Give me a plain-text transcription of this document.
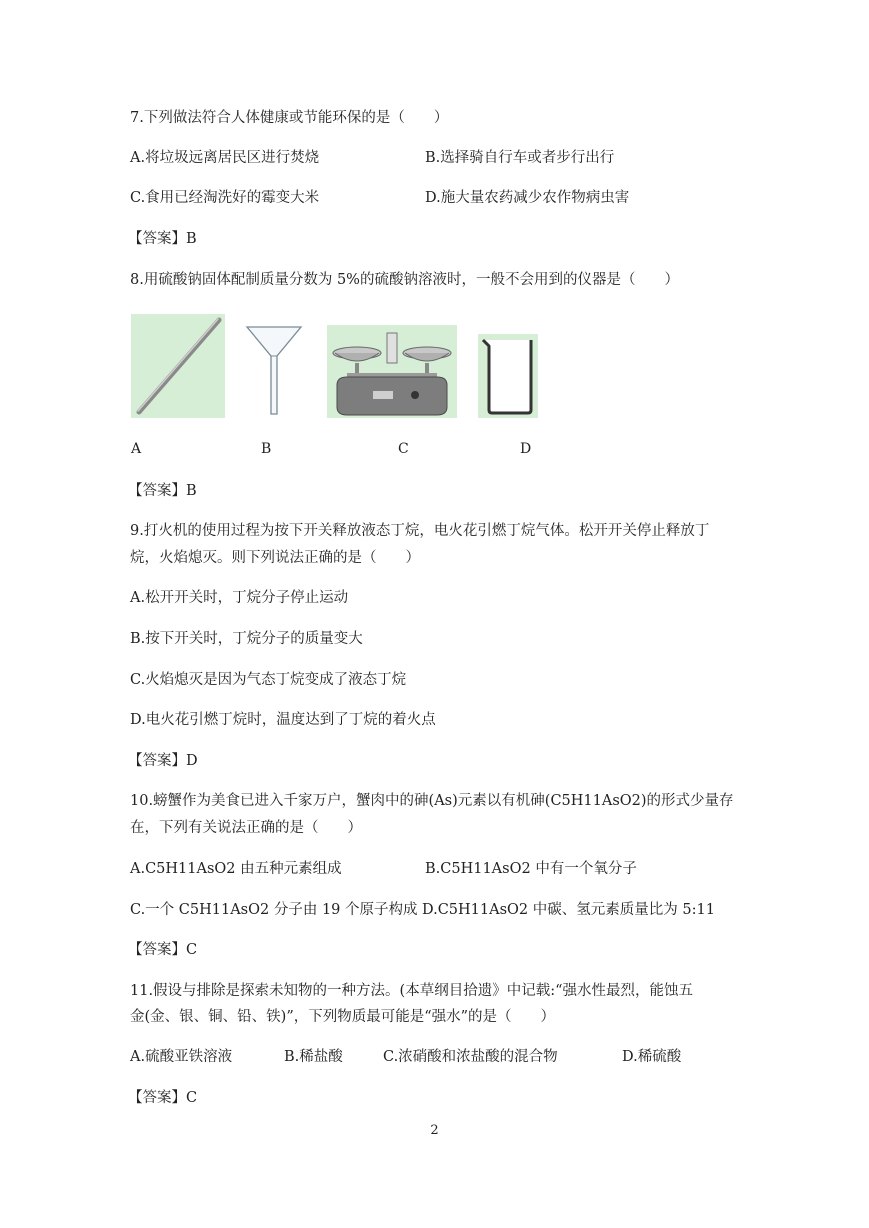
7.下列做法符合人体健康或节能环保的是（　　）
A.将垃圾远离居民区进行焚烧	B.选择骑自行车或者步行出行
C.食用已经淘洗好的霉变大米	D.施大量农药减少农作物病虫害
【答案】B
8.用硫酸钠固体配制质量分数为 5%的硫酸钠溶液时，一般不会用到的仪器是（　　）
A	B	C	D
【答案】B
9.打火机的使用过程为按下开关释放液态丁烷，电火花引燃丁烷气体。松开开关停止释放丁
烷，火焰熄灭。则下列说法正确的是（　　）
A.松开开关时，丁烷分子停止运动
B.按下开关时，丁烷分子的质量变大
C.火焰熄灭是因为气态丁烷变成了液态丁烷
D.电火花引燃丁烷时，温度达到了丁烷的着火点
【答案】D
10.螃蟹作为美食已进入千家万户，蟹肉中的砷(As)元素以有机砷(C5H11AsO2)的形式少量存
在，下列有关说法正确的是（　　）
A.C5H11AsO2 由五种元素组成	B.C5H11AsO2 中有一个氧分子
C.一个 C5H11AsO2 分子由 19 个原子构成 D.C5H11AsO2 中碳、氢元素质量比为 5:11
【答案】C
11.假设与排除是探索未知物的一种方法。(本草纲目拾遗》中记载:“强水性最烈，能蚀五
金(金、银、铜、铅、铁)”，下列物质最可能是“强水”的是（　　）
A.硫酸亚铁溶液	B.稀盐酸	C.浓硝酸和浓盐酸的混合物	D.稀硫酸
【答案】C
2
